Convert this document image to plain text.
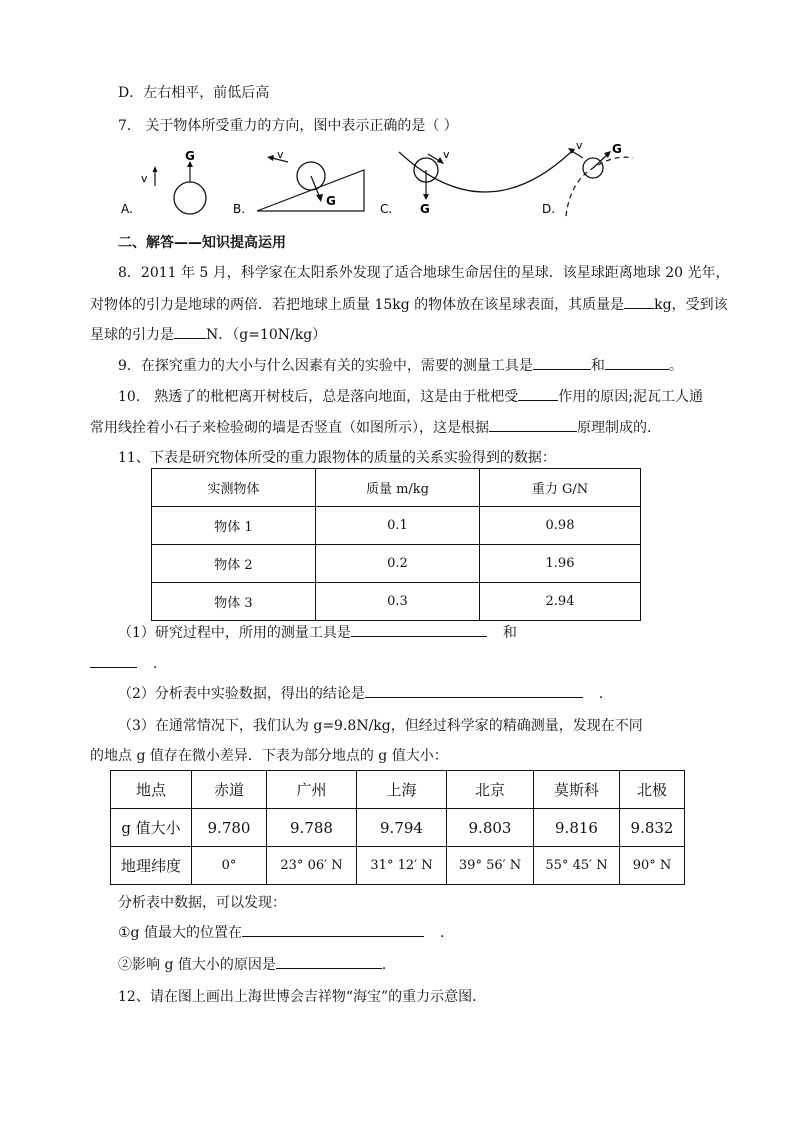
D．左右相平，前低后高
7． 关于物体所受重力的方向，图中表示正确的是（ ）
A.
v
G
B.
G
v
C. G
v
D.
G
v
二、解答——知识提高运用
8．2011 年 5 月，科学家在太阳系外发现了适合地球生命居住的星球．该星球距离地球 20 光年，
对物体的引力是地球的两倍．若把地球上质量 15kg 的物体放在该星球表面，其质量是 kg，受到该
星球的引力是 N．（g=10N/kg）
9．在探究重力的大小与什么因素有关的实验中，需要的测量工具是	和	。
10． 熟透了的枇杷离开树枝后，总是落向地面，这是由于枇杷受	作用的原因;泥瓦工人通
常用线拴着小石子来检验砌的墙是否竖直（如图所示），这是根据	原理制成的．
11、下表是研究物体所受的重力跟物体的质量的关系实验得到的数据：
实测物体	质量 m/kg	重力 G/N
物体 1	0.1	0.98
物体 2	0.2	1.96
物体 3	0.3	2.94
（1）研究过程中，所用的测量工具是	和
．
（2）分析表中实验数据，得出的结论是	．
（3）在通常情况下，我们认为 g=9.8N/kg，但经过科学家的精确测量，发现在不同
的地点 g 值存在微小差异．下表为部分地点的 g 值大小：
地点	赤道	广州	上海	北京	莫斯科	北极
g 值大小	9.780	9.788	9.794	9.803	9.816	9.832
地理纬度	0°	23° 06′ N	31° 12′ N	39° 56′ N	55° 45′ N	90° N
分析表中数据，可以发现：
①g 值最大的位置在	．
②影响 g 值大小的原因是	．
12、请在图上画出上海世博会吉祥物“海宝”的重力示意图．
